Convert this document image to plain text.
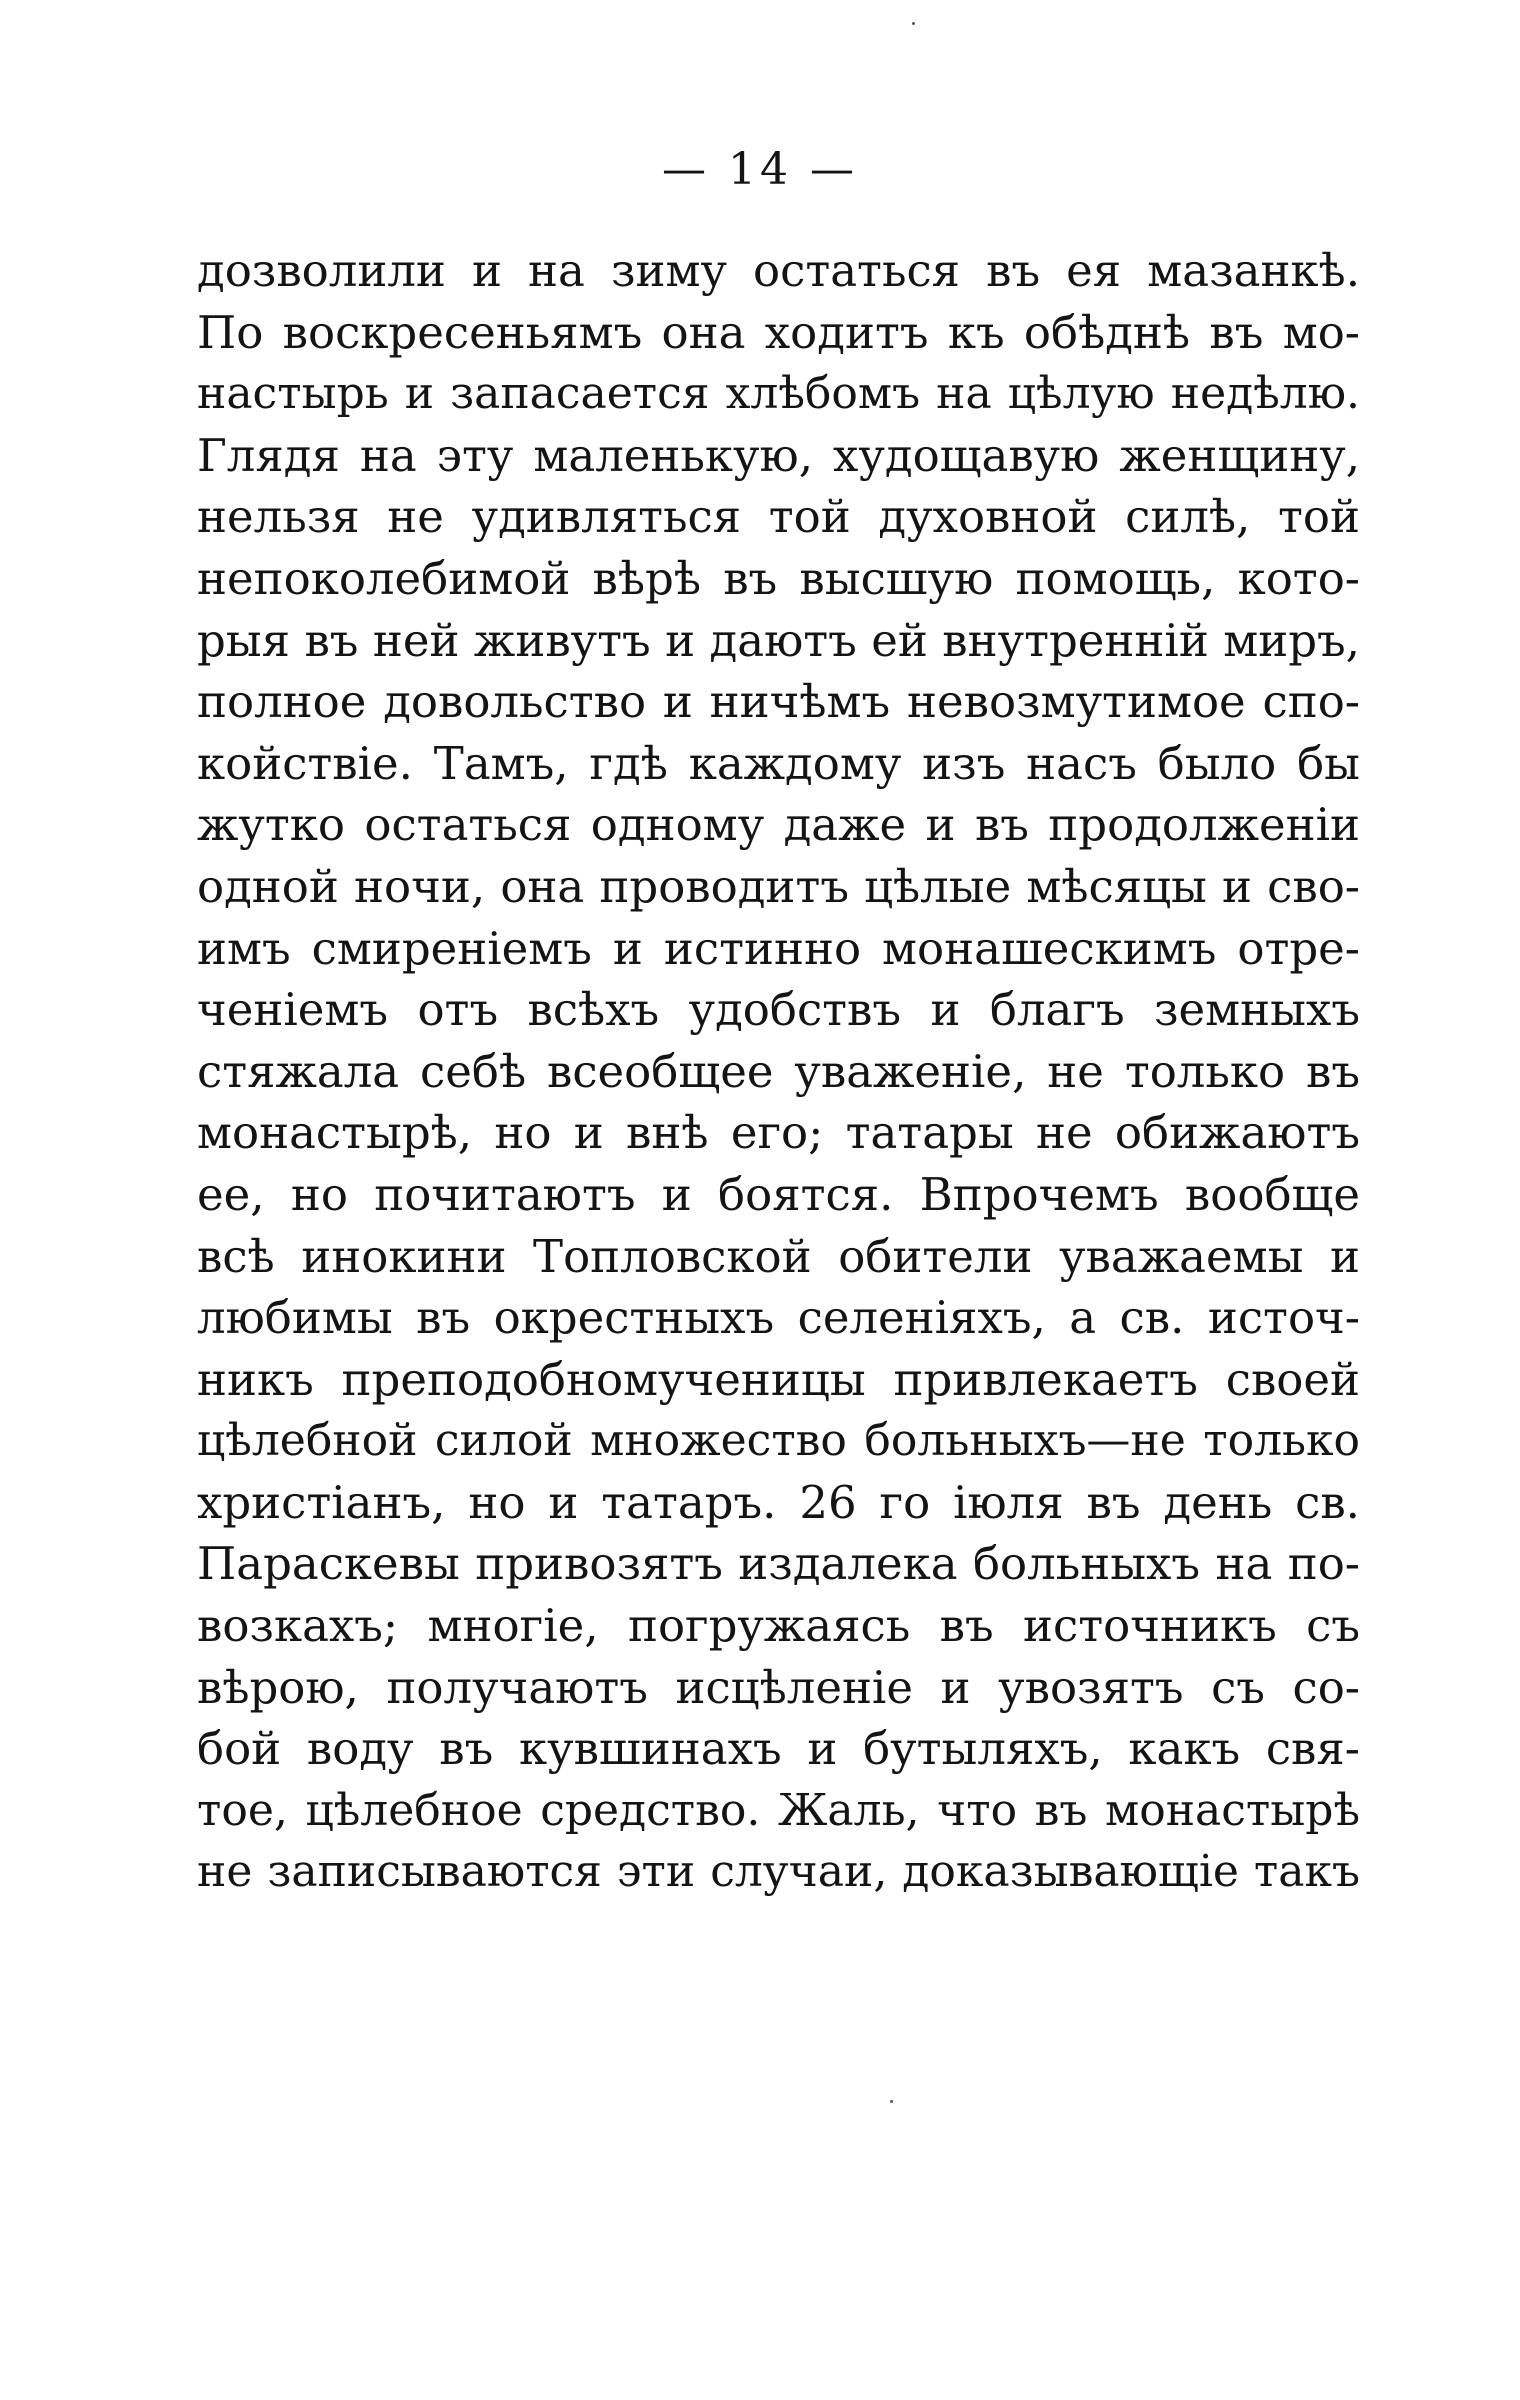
— 14 —
дозволили и на зиму остаться въ ея мазанкѣ.
По воскресеньямъ она ходитъ къ обѣднѣ въ мо-
настырь и запасается хлѣбомъ на цѣлую недѣлю.
Глядя на эту маленькую, худощавую женщину,
нельзя не удивляться той духовной силѣ, той
непоколебимой вѣрѣ въ высшую помощь, кото-
рыя въ ней живутъ и даютъ ей внутренній миръ,
полное довольство и ничѣмъ невозмутимое спо-
койствіе. Тамъ, гдѣ каждому изъ насъ было бы
жутко остаться одному даже и въ продолженіи
одной ночи, она проводитъ цѣлые мѣсяцы и сво-
имъ смиреніемъ и истинно монашескимъ отре-
ченіемъ отъ всѣхъ удобствъ и благъ земныхъ
стяжала себѣ всеобщее уваженіе, не только въ
монастырѣ, но и внѣ его; татары не обижаютъ
ее, но почитаютъ и боятся. Впрочемъ вообще
всѣ инокини Топловской обители уважаемы и
любимы въ окрестныхъ селеніяхъ, а св. источ-
никъ преподобномученицы привлекаетъ своей
цѣлебной силой множество больныхъ—не только
христіанъ, но и татаръ. 26 го іюля въ день св.
Параскевы привозятъ издалека больныхъ на по-
возкахъ; многіе, погружаясь въ источникъ съ
вѣрою, получаютъ исцѣленіе и увозятъ съ со-
бой воду въ кувшинахъ и бутыляхъ, какъ свя-
тое, цѣлебное средство. Жаль, что въ монастырѣ
не записываются эти случаи, доказывающіе такъ
